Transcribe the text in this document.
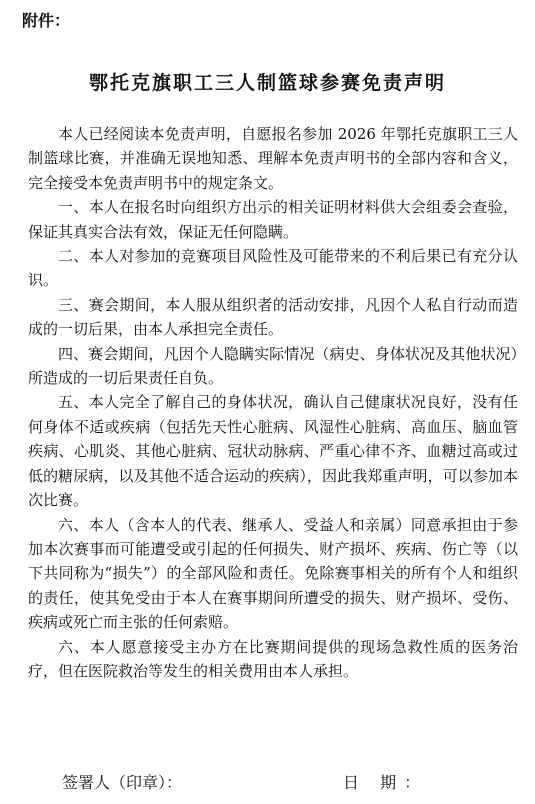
附件：
鄂托克旗职工三人制篮球参赛免责声明

本人已经阅读本免责声明，自愿报名参加 2026 年鄂托克旗职工三人制篮球比赛，并准确无误地知悉、理解本免责声明书的全部内容和含义，完全接受本免责声明书中的规定条文。

一、本人在报名时向组织方出示的相关证明材料供大会组委会查验，保证其真实合法有效，保证无任何隐瞒。

二、本人对参加的竞赛项目风险性及可能带来的不利后果已有充分认识。

三、赛会期间，本人服从组织者的活动安排，凡因个人私自行动而造成的一切后果，由本人承担完全责任。

四、赛会期间，凡因个人隐瞒实际情况（病史、身体状况及其他状况）所造成的一切后果责任自负。

五、本人完全了解自己的身体状况，确认自己健康状况良好，没有任何身体不适或疾病（包括先天性心脏病、风湿性心脏病、高血压、脑血管疾病、心肌炎、其他心脏病、冠状动脉病、严重心律不齐、血糖过高或过低的糖尿病，以及其他不适合运动的疾病），因此我郑重声明，可以参加本次比赛。

六、本人（含本人的代表、继承人、受益人和亲属）同意承担由于参加本次赛事而可能遭受或引起的任何损失、财产损坏、疾病、伤亡等（以下共同称为“损失”）的全部风险和责任。免除赛事相关的所有个人和组织的责任，使其免受由于本人在赛事期间所遭受的损失、财产损坏、受伤、疾病或死亡而主张的任何索赔。

六、本人愿意接受主办方在比赛期间提供的现场急救性质的医务治疗，但在医院救治等发生的相关费用由本人承担。

签署人（印章）：	日 期：
